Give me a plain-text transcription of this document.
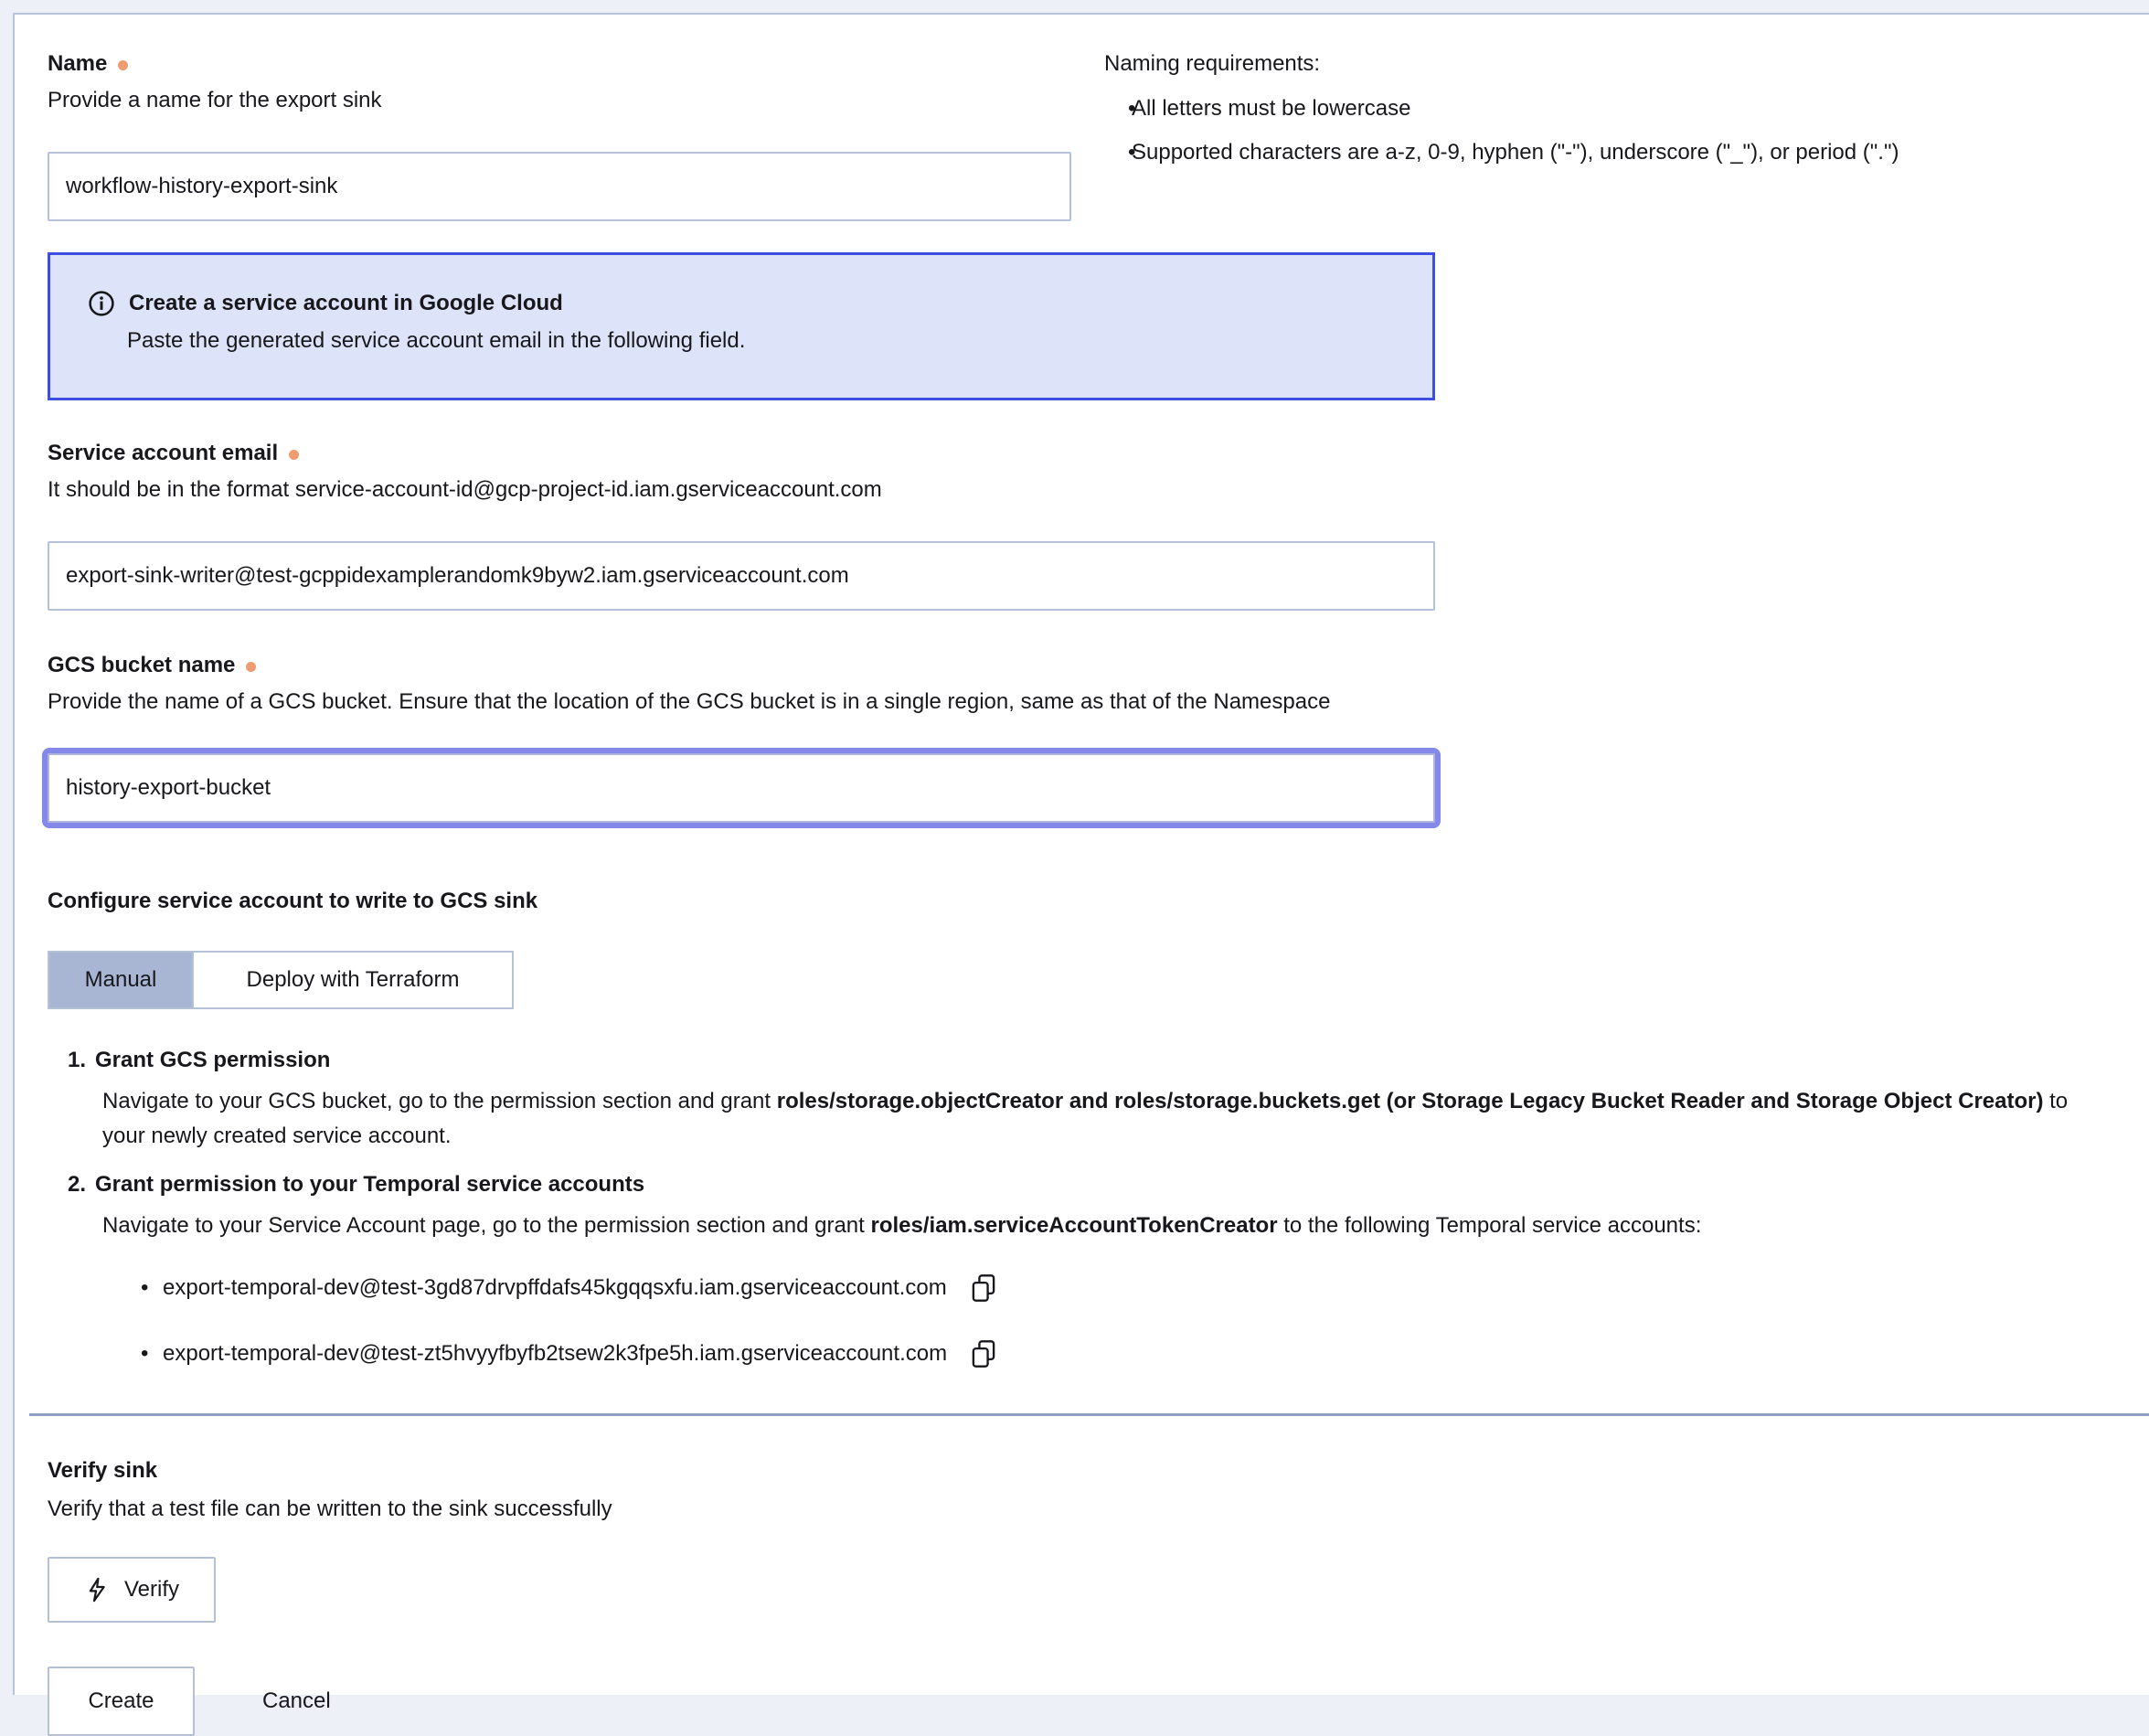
Name
Provide a name for the export sink
workflow-history-export-sink
Naming requirements:
•
All letters must be lowercase
•
Supported characters are a-z, 0-9, hyphen ("-"), underscore ("_"), or period (".")
Create a service account in Google Cloud
Paste the generated service account email in the following field.
Service account email
It should be in the format service-account-id@gcp-project-id.iam.gserviceaccount.com
export-sink-writer@test-gcppidexamplerandomk9byw2.iam.gserviceaccount.com
GCS bucket name
Provide the name of a GCS bucket. Ensure that the location of the GCS bucket is in a single region, same as that of the Namespace
history-export-bucket
Configure service account to write to GCS sink
Manual	Deploy with Terraform
1. Grant GCS permission

Navigate to your GCS bucket, go to the permission section and grant roles/storage.objectCreator and roles/storage.buckets.get (or Storage Legacy Bucket Reader and Storage Object Creator) to your newly created service account.

2. Grant permission to your Temporal service accounts

Navigate to your Service Account page, go to the permission section and grant roles/iam.serviceAccountTokenCreator to the following Temporal service accounts:

•
export-temporal-dev@test-3gd87drvpffdafs45kgqqsxfu.iam.gserviceaccount.com
•
export-temporal-dev@test-zt5hvyyfbyfb2tsew2k3fpe5h.iam.gserviceaccount.com
Verify sink
Verify that a test file can be written to the sink successfully
Verify
Create	Cancel
